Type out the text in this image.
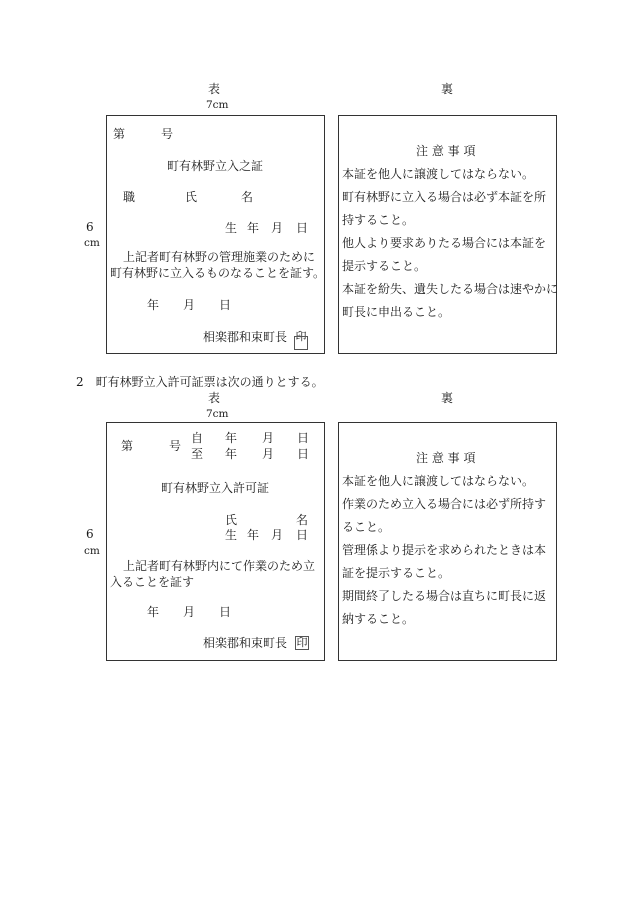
表	裏
7cm
6
cm
第	号
町有林野立入之証
職	氏	名
生 年 月 日
上記者町有林野の管理施業のために
町有林野に立入るものなることを証す。
年 月 日
相楽郡和束町長 印
注 意 事 項
本証を他人に譲渡してはならない。
町有林野に立入る場合は必ず本証を所
持すること。
他人より要求ありたる場合には本証を
提示すること。
本証を紛失、遺失したる場合は速やかに
町長に申出ること。
2　町有林野立入許可証票は次の通りとする。
表	裏
7cm
6
cm
第	号
自 年 月 日
至 年 月 日
町有林野立入許可証
氏	名
生 年 月 日
上記者町有林野内にて作業のため立
入ることを証す
年 月 日
相楽郡和束町長 印
注 意 事 項
本証を他人に譲渡してはならない。
作業のため立入る場合には必ず所持す
ること。
管理係より提示を求められたときは本
証を提示すること。
期間終了したる場合は直ちに町長に返
納すること。
